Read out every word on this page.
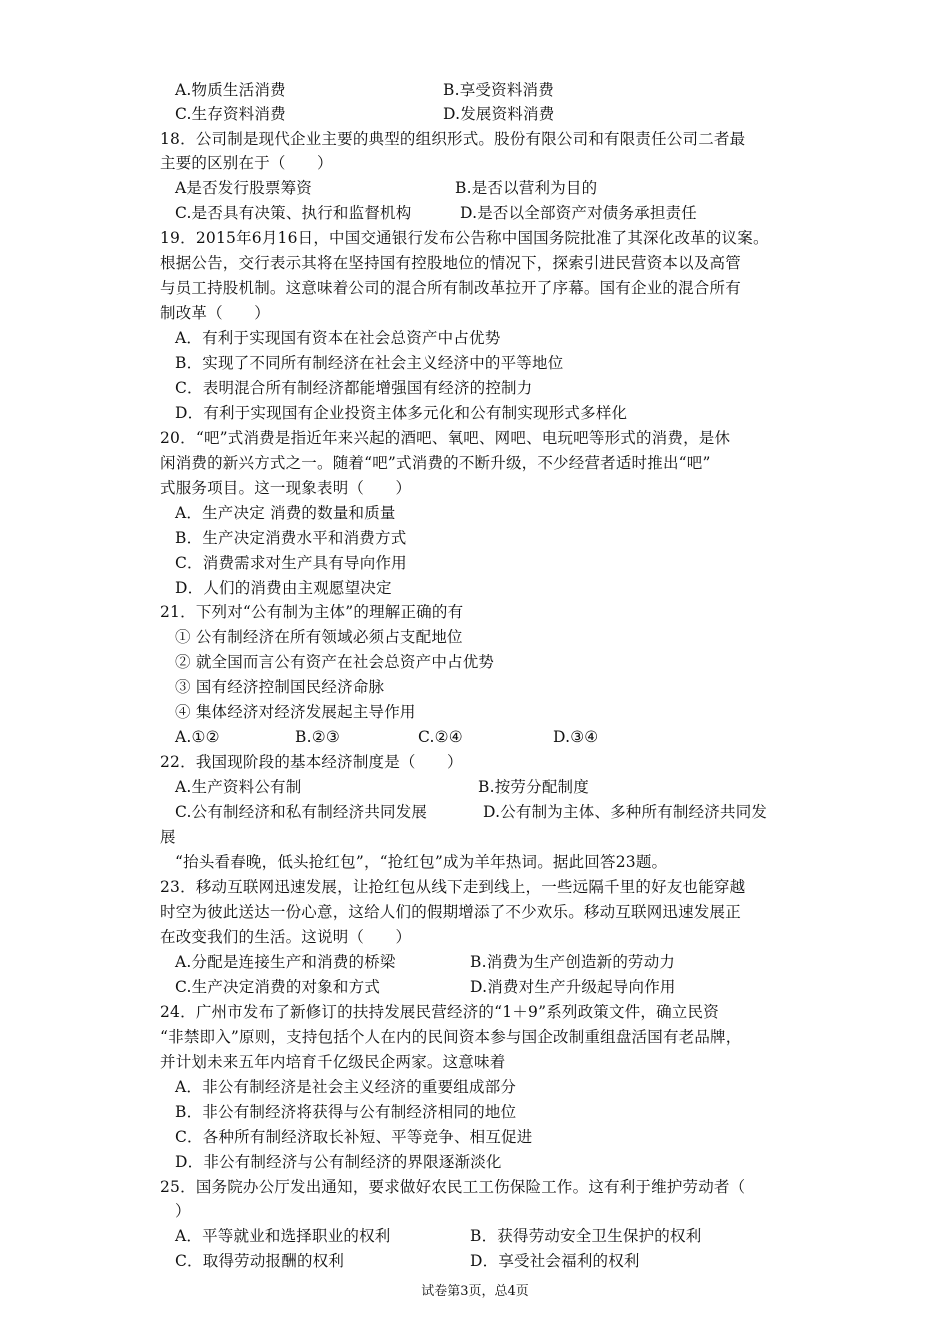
A.物质生活消费	B.享受资料消费
C.生存资料消费	D.发展资料消费
18．公司制是现代企业主要的典型的组织形式。股份有限公司和有限责任公司二者最
主要的区别在于（　　）
A是否发行股票筹资	B.是否以营利为目的
C.是否具有决策、执行和监督机构	D.是否以全部资产对债务承担责任
19．2015年6月16日，中国交通银行发布公告称中国国务院批准了其深化改革的议案。
根据公告，交行表示其将在坚持国有控股地位的情况下，探索引进民营资本以及高管
与员工持股机制。这意味着公司的混合所有制改革拉开了序幕。国有企业的混合所有
制改革（　　）
A．有利于实现国有资本在社会总资产中占优势
B．实现了不同所有制经济在社会主义经济中的平等地位
C．表明混合所有制经济都能增强国有经济的控制力
D．有利于实现国有企业投资主体多元化和公有制实现形式多样化
20．“吧”式消费是指近年来兴起的酒吧、氧吧、网吧、电玩吧等形式的消费，是休
闲消费的新兴方式之一。随着“吧”式消费的不断升级，不少经营者适时推出“吧”
式服务项目。这一现象表明（　　）
A．生产决定 消费的数量和质量
B．生产决定消费水平和消费方式
C．消费需求对生产具有导向作用
D．人们的消费由主观愿望决定
21．下列对“公有制为主体”的理解正确的有
① 公有制经济在所有领域必须占支配地位
② 就全国而言公有资产在社会总资产中占优势
③ 国有经济控制国民经济命脉
④ 集体经济对经济发展起主导作用
A.①②	B.②③	C.②④	D.③④
22．我国现阶段的基本经济制度是（　　）
A.生产资料公有制	B.按劳分配制度
C.公有制经济和私有制经济共同发展	D.公有制为主体、多种所有制经济共同发
展
“抬头看春晚，低头抢红包”，“抢红包”成为羊年热词。据此回答23题。
23．移动互联网迅速发展，让抢红包从线下走到线上，一些远隔千里的好友也能穿越
时空为彼此送达一份心意，这给人们的假期增添了不少欢乐。移动互联网迅速发展正
在改变我们的生活。这说明（　　）
A.分配是连接生产和消费的桥梁	B.消费为生产创造新的劳动力
C.生产决定消费的对象和方式	D.消费对生产升级起导向作用
24．广州市发布了新修订的扶持发展民营经济的“1＋9”系列政策文件，确立民资
“非禁即入”原则，支持包括个人在内的民间资本参与国企改制重组盘活国有老品牌，
并计划未来五年内培育千亿级民企两家。这意味着
A．非公有制经济是社会主义经济的重要组成部分
B．非公有制经济将获得与公有制经济相同的地位
C．各种所有制经济取长补短、平等竞争、相互促进
D．非公有制经济与公有制经济的界限逐渐淡化
25．国务院办公厅发出通知，要求做好农民工工伤保险工作。这有利于维护劳动者（
）
A．平等就业和选择职业的权利	B．获得劳动安全卫生保护的权利
C．取得劳动报酬的权利	D．享受社会福利的权利
试卷第3页，总4页
